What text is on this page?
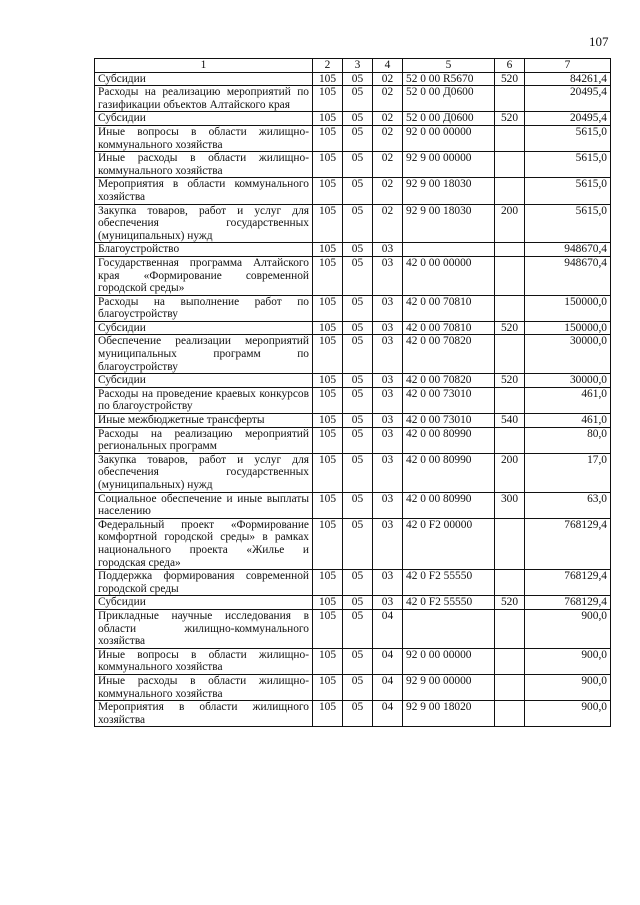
107
1	2	3	4	5	6	7
Субсидии	105	05	02	52 0 00 R5670	520	84261,4
Расходы на реализацию мероприятий по газификации объектов Алтайского края	105	05	02	52 0 00 Д0600		20495,4
Субсидии	105	05	02	52 0 00 Д0600	520	20495,4
Иные вопросы в области жилищно-коммунального хозяйства	105	05	02	92 0 00 00000		5615,0
Иные расходы в области жилищно-коммунального хозяйства	105	05	02	92 9 00 00000		5615,0
Мероприятия в области коммунального хозяйства	105	05	02	92 9 00 18030		5615,0
Закупка товаров, работ и услуг для обеспечения государственных (муниципальных) нужд	105	05	02	92 9 00 18030	200	5615,0
Благоустройство	105	05	03			948670,4
Государственная программа Алтайского края «Формирование современной городской среды»	105	05	03	42 0 00 00000		948670,4
Расходы на выполнение работ по благоустройству	105	05	03	42 0 00 70810		150000,0
Субсидии	105	05	03	42 0 00 70810	520	150000,0
Обеспечение реализации мероприятий муниципальных программ по благоустройству	105	05	03	42 0 00 70820		30000,0
Субсидии	105	05	03	42 0 00 70820	520	30000,0
Расходы на проведение краевых конкурсов по благоустройству	105	05	03	42 0 00 73010		461,0
Иные межбюджетные трансферты	105	05	03	42 0 00 73010	540	461,0
Расходы на реализацию мероприятий региональных программ	105	05	03	42 0 00 80990		80,0
Закупка товаров, работ и услуг для обеспечения государственных (муниципальных) нужд	105	05	03	42 0 00 80990	200	17,0
Социальное обеспечение и иные выплаты населению	105	05	03	42 0 00 80990	300	63,0
Федеральный проект «Формирование комфортной городской среды» в рамках национального проекта «Жилье и городская среда»	105	05	03	42 0 F2 00000		768129,4
Поддержка формирования современной городской среды	105	05	03	42 0 F2 55550		768129,4
Субсидии	105	05	03	42 0 F2 55550	520	768129,4
Прикладные научные исследования в области жилищно-коммунального хозяйства	105	05	04			900,0
Иные вопросы в области жилищно-коммунального хозяйства	105	05	04	92 0 00 00000		900,0
Иные расходы в области жилищно-коммунального хозяйства	105	05	04	92 9 00 00000		900,0
Мероприятия в области жилищного хозяйства	105	05	04	92 9 00 18020		900,0
